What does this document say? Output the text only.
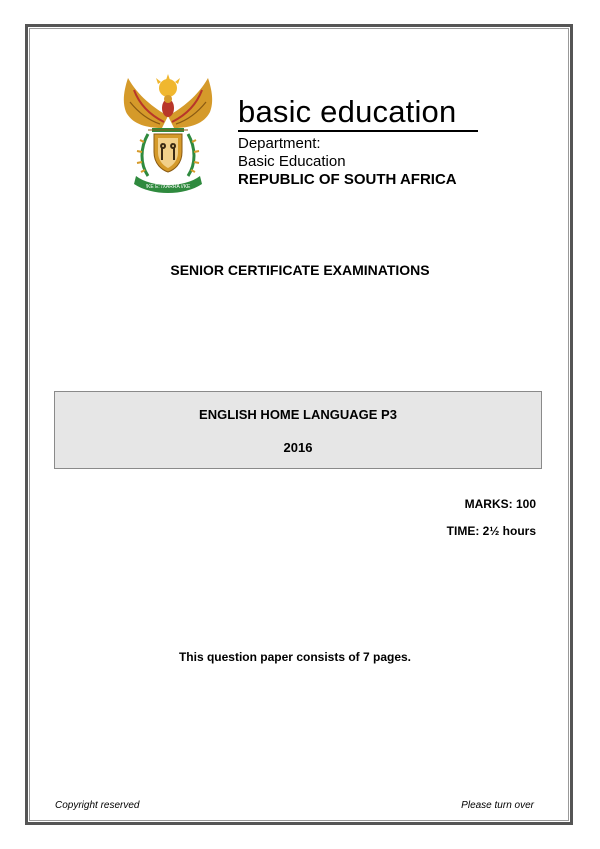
!KE E: /XARRA //KE
basic education
Department:
Basic Education
REPUBLIC OF SOUTH AFRICA
SENIOR CERTIFICATE EXAMINATIONS
ENGLISH HOME LANGUAGE P3
2016
MARKS: 100
TIME: 2½ hours
This question paper consists of 7 pages.
Copyright reserved	Please turn over
